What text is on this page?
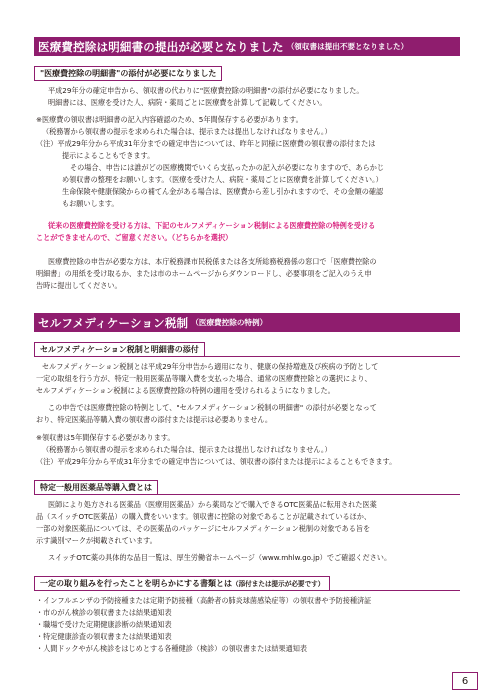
医療費控除は明細書の提出が必要となりました （領収書は提出不要となりました）
"医療費控除の明細書"の添付が必要になりました
平成29年分の確定申告から、領収書の代わりに"医療費控除の明細書"の添付が必要になりました。
明細書には、医療を受けた人、病院・薬局ごとに医療費を計算して記載してください。
※医療費の領収書は明細書の記入内容確認のため、5年間保存する必要があります。
（税務署から領収書の提示を求められた場合は、提示または提出しなければなりません。）
（注）平成29年分から平成31年分までの確定申告については、昨年と同様に医療費の領収書の添付または
提示によることもできます。
その場合、申告には誰がどの医療機関でいくら支払ったかの記入が必要になりますので、あらかじ
め領収書の整理をお願いします。（医療を受けた人、病院・薬局ごとに医療費を計算してください。）
生命保険や健康保険からの補てん金がある場合は、医療費から差し引かれますので、その金額の確認
もお願いします。
従来の医療費控除を受ける方は、下記のセルフメディケーション税制による医療費控除の特例を受ける
ことができませんので、ご留意ください。（どちらかを選択）
医療費控除の申告が必要な方は、本庁税務課市民税係または各支所総務税務係の窓口で「医療費控除の
明細書」の用紙を受け取るか、または市のホームページからダウンロードし、必要事項をご記入のうえ申
告時に提出してください。
セルフメディケーション税制 （医療費控除の特例）
セルフメディケーション税制と明細書の添付
セルフメディケーション税制とは平成29年分申告から適用になり、健康の保持増進及び疾病の予防として
一定の取組を行う方が、特定一般用医薬品等購入費を支払った場合、通常の医療費控除との選択により、
セルフメディケーション税制による医療費控除の特例の適用を受けられるようになりました。
この申告では医療費控除の特例として、"セルフメディケーション税制の明細書" の添付が必要となって
おり、特定医薬品等購入費の領収書の添付または提示は必要ありません。
※領収書は5年間保存する必要があります。
（税務署から領収書の提示を求められた場合は、提示または提出しなければなりません。）
（注）平成29年分から平成31年分までの確定申告については、領収書の添付または提示によることもできます。
特定一般用医薬品等購入費とは
医師により処方される医薬品（医療用医薬品）から薬局などで購入できるOTC医薬品に転用された医薬
品（スイッチOTC医薬品）の購入費をいいます。領収書に控除の対象であることが記載されているほか、
一部の対象医薬品については、その医薬品のパッケージにセルフメディケーション税制の対象である旨を
示す識別マークが掲載されています。
スイッチOTC薬の具体的な品目一覧は、厚生労働省ホームページ（www.mhlw.go.jp）でご確認ください。
一定の取り組みを行ったことを明らかにする書類とは（添付または提示が必要です）
・インフルエンザの予防接種または定期予防接種（高齢者の肺炎球菌感染症等）の領収書や予防接種済証
・市のがん検診の領収書または結果通知表
・職場で受けた定期健康診断の結果通知表
・特定健康診査の領収書または結果通知表
・人間ドックやがん検診をはじめとする各種健診（検診）の領収書または結果通知表
6
